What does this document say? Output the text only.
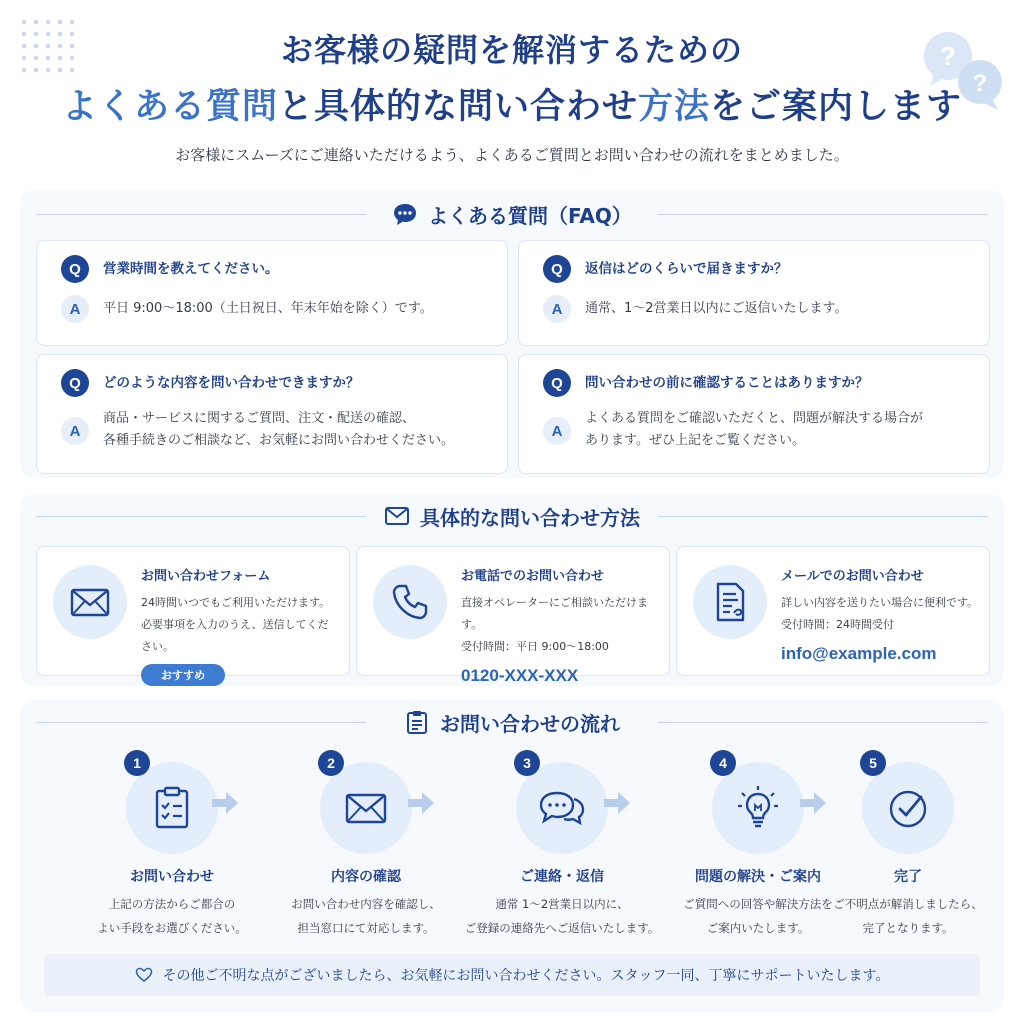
?
?
お客様の疑問を解消するための
よくある質問と具体的な問い合わせ方法をご案内します
お客様にスムーズにご連絡いただけるよう、よくあるご質問とお問い合わせの流れをまとめました。
よくある質問（FAQ）
Q	営業時間を教えてください。
A	平日 9:00〜18:00（土日祝日、年末年始を除く）です。
Q	返信はどのくらいで届きますか？
A	通常、1〜2営業日以内にご返信いたします。
Q	どのような内容を問い合わせできますか？
A
商品・サービスに関するご質問、注文・配送の確認、
各種手続きのご相談など、お気軽にお問い合わせください。
Q	問い合わせの前に確認することはありますか？
A
よくある質問をご確認いただくと、問題が解決する場合が
あります。ぜひ上記をご覧ください。
具体的な問い合わせ方法
お問い合わせフォーム
24時間いつでもご利用いただけます。
必要事項を入力のうえ、送信してください。
おすすめ
お電話でのお問い合わせ
直接オペレーターにご相談いただけます。
受付時間：平日 9:00〜18:00
0120-XXX-XXX
メールでのお問い合わせ
詳しい内容を送りたい場合に便利です。
受付時間：24時間受付
info@example.com
お問い合わせの流れ
1
お問い合わせ
上記の方法からご都合の
よい手段をお選びください。
2
内容の確認
お問い合わせ内容を確認し、
担当窓口にて対応します。
3
ご連絡・返信
通常 1〜2営業日以内に、
ご登録の連絡先へご返信いたします。
4
問題の解決・ご案内
ご質問への回答や解決方法を
ご案内いたします。
5
完了
ご不明点が解消しましたら、
完了となります。
その他ご不明な点がございましたら、お気軽にお問い合わせください。スタッフ一同、丁寧にサポートいたします。
